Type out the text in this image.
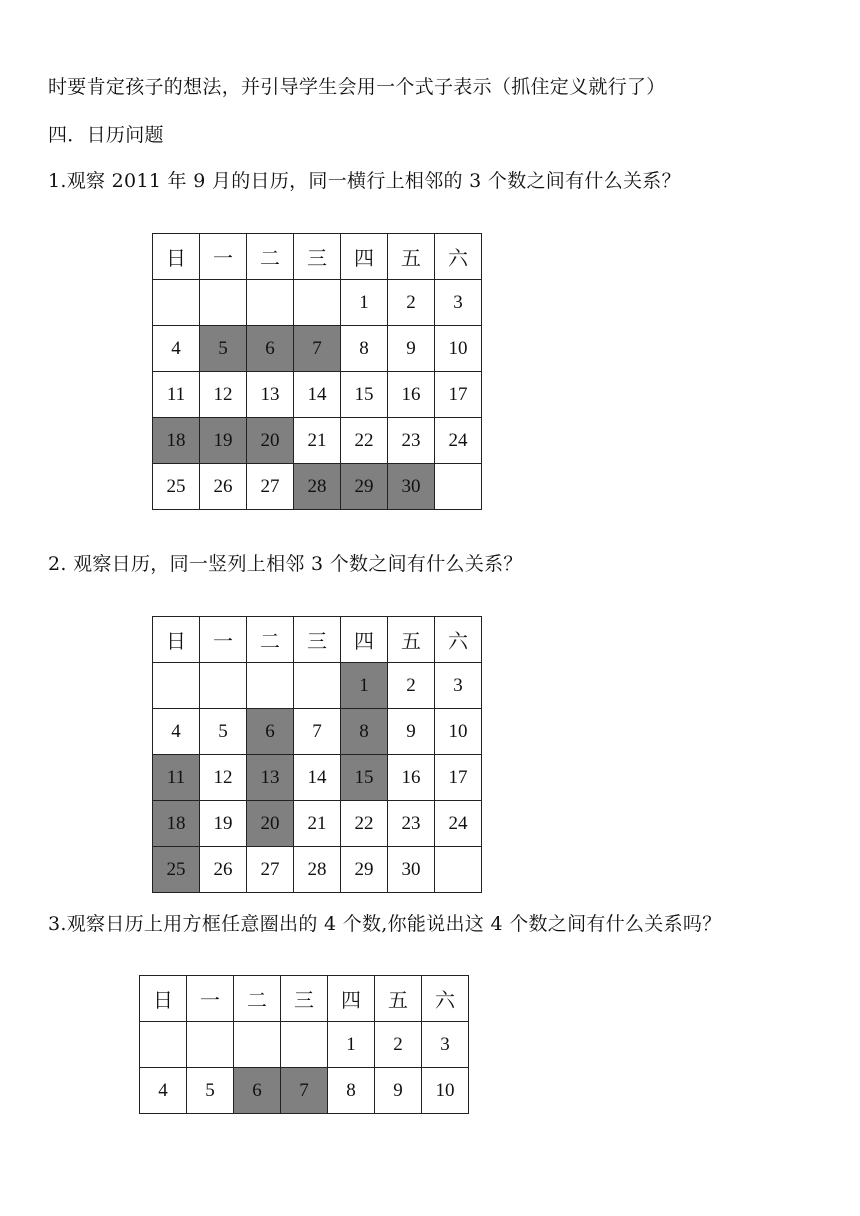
时要肯定孩子的想法，并引导学生会用一个式子表示（抓住定义就行了）
四．日历问题
1.观察 2011 年 9 月的日历，同一横行上相邻的 3 个数之间有什么关系？
日	一	二	三	四	五	六
				1	2	3
4	5	6	7	8	9	10
11	12	13	14	15	16	17
18	19	20	21	22	23	24
25	26	27	28	29	30	
2. 观察日历，同一竖列上相邻 3 个数之间有什么关系？
日	一	二	三	四	五	六
				1	2	3
4	5	6	7	8	9	10
11	12	13	14	15	16	17
18	19	20	21	22	23	24
25	26	27	28	29	30	
3.观察日历上用方框任意圈出的 4 个数,你能说出这 4 个数之间有什么关系吗？
日	一	二	三	四	五	六
				1	2	3
4	5	6	7	8	9	10
